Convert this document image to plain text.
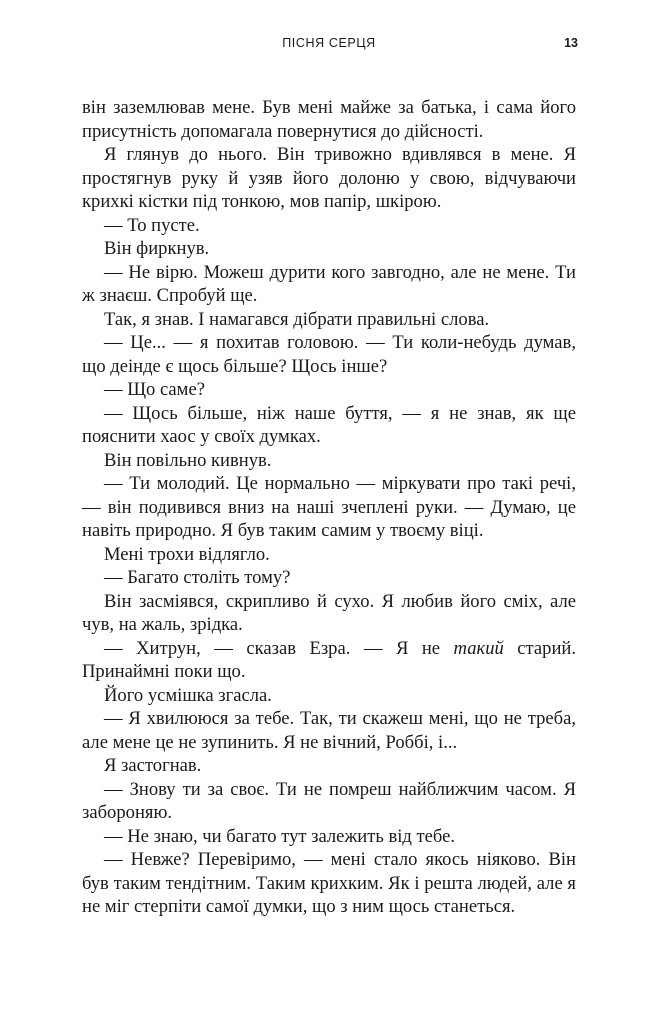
ПІСНЯ СЕРЦЯ	13

він заземлював мене. Був мені майже за батька, і сама його присутність допомагала повернутися до дійсності.

Я глянув до нього. Він тривожно вдивлявся в мене. Я простягнув руку й узяв його долоню у свою, відчуваючи крихкі кістки під тонкою, мов папір, шкірою.

— То пусте.

Він фиркнув.

— Не вірю. Можеш дурити кого завгодно, але не мене. Ти ж знаєш. Спробуй ще.

Так, я знав. І намагався дібрати правильні слова.

— Це... — я похитав головою. — Ти коли-небудь думав, що деінде є щось більше? Щось інше?

— Що саме?

— Щось більше, ніж наше буття, — я не знав, як ще пояснити хаос у своїх думках.

Він повільно кивнув.

— Ти молодий. Це нормально — міркувати про такі речі, — він подивився вниз на наші зчеплені руки. — Думаю, це навіть природно. Я був таким самим у твоєму віці.

Мені трохи відлягло.

— Багато століть тому?

Він засміявся, скрипливо й сухо. Я любив його сміх, але чув, на жаль, зрідка.

— Хитрун, — сказав Езра. — Я не такий старий. Принаймні поки що.

Його усмішка згасла.

— Я хвилююся за тебе. Так, ти скажеш мені, що не треба, але мене це не зупинить. Я не вічний, Роббі, і...

Я застогнав.

— Знову ти за своє. Ти не помреш найближчим часом. Я забороняю.

— Не знаю, чи багато тут залежить від тебе.

— Невже? Перевіримо, — мені стало якось ніяково. Він був таким тендітним. Таким крихким. Як і решта людей, але я не міг стерпіти самої думки, що з ним щось станеться.
